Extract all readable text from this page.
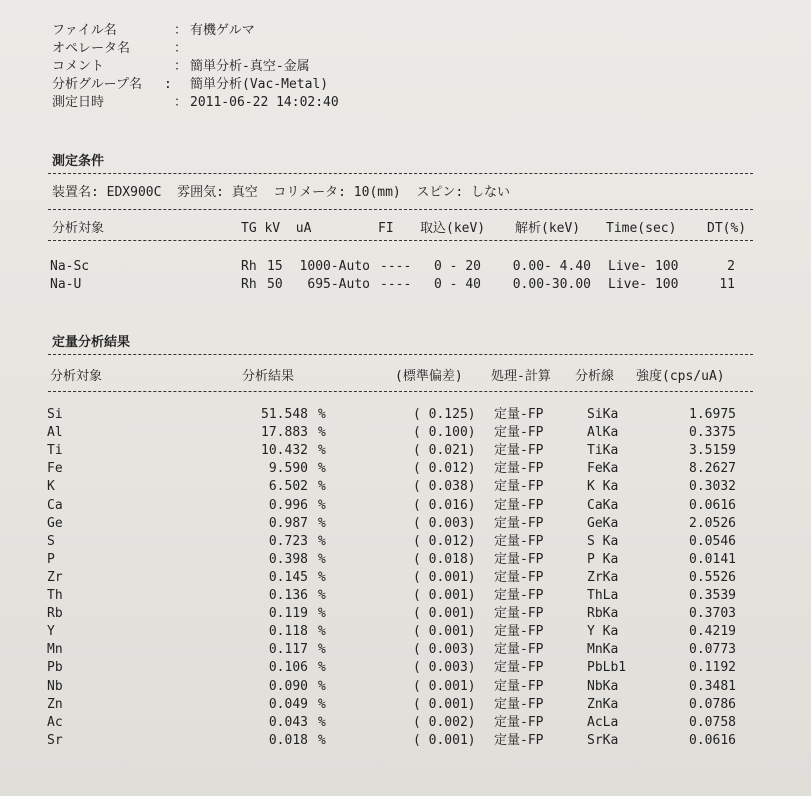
ファイル名	： 有機ゲルマ
オペレータ名	：
コメント	： 簡単分析-真空-金属
分析グループ名 : 簡単分析(Vac-Metal)
測定日時	： 2011-06-22 14:02:40
測定条件
装置名: EDX900C  雰囲気: 真空  コリメータ: 10(mm)  スピン: しない
分析対象	TG kV  uA	FI 取込(keV) 解析(keV) Time(sec) DT(%)
Na-Sc	Rh 15	1000-Auto ----	0 - 20	0.00- 4.40 Live- 100	2
Na-U	Rh 50	695-Auto ----	0 - 40	0.00-30.00 Live- 100	11
定量分析結果
分析対象	分析結果	(標準偏差) 処理-計算 分析線 強度(cps/uA)
Si	51.548 %	( 0.125)	定量-FP	SiKa	1.6975
Al	17.883 %	( 0.100)	定量-FP	AlKa	0.3375
Ti	10.432 %	( 0.021)	定量-FP	TiKa	3.5159
Fe	9.590 %	( 0.012)	定量-FP	FeKa	8.2627
K	6.502 %	( 0.038)	定量-FP	K Ka	0.3032
Ca	0.996 %	( 0.016)	定量-FP	CaKa	0.0616
Ge	0.987 %	( 0.003)	定量-FP	GeKa	2.0526
S	0.723 %	( 0.012)	定量-FP	S Ka	0.0546
P	0.398 %	( 0.018)	定量-FP	P Ka	0.0141
Zr	0.145 %	( 0.001)	定量-FP	ZrKa	0.5526
Th	0.136 %	( 0.001)	定量-FP	ThLa	0.3539
Rb	0.119 %	( 0.001)	定量-FP	RbKa	0.3703
Y	0.118 %	( 0.001)	定量-FP	Y Ka	0.4219
Mn	0.117 %	( 0.003)	定量-FP	MnKa	0.0773
Pb	0.106 %	( 0.003)	定量-FP	PbLb1	0.1192
Nb	0.090 %	( 0.001)	定量-FP	NbKa	0.3481
Zn	0.049 %	( 0.001)	定量-FP	ZnKa	0.0786
Ac	0.043 %	( 0.002)	定量-FP	AcLa	0.0758
Sr	0.018 %	( 0.001)	定量-FP	SrKa	0.0616
